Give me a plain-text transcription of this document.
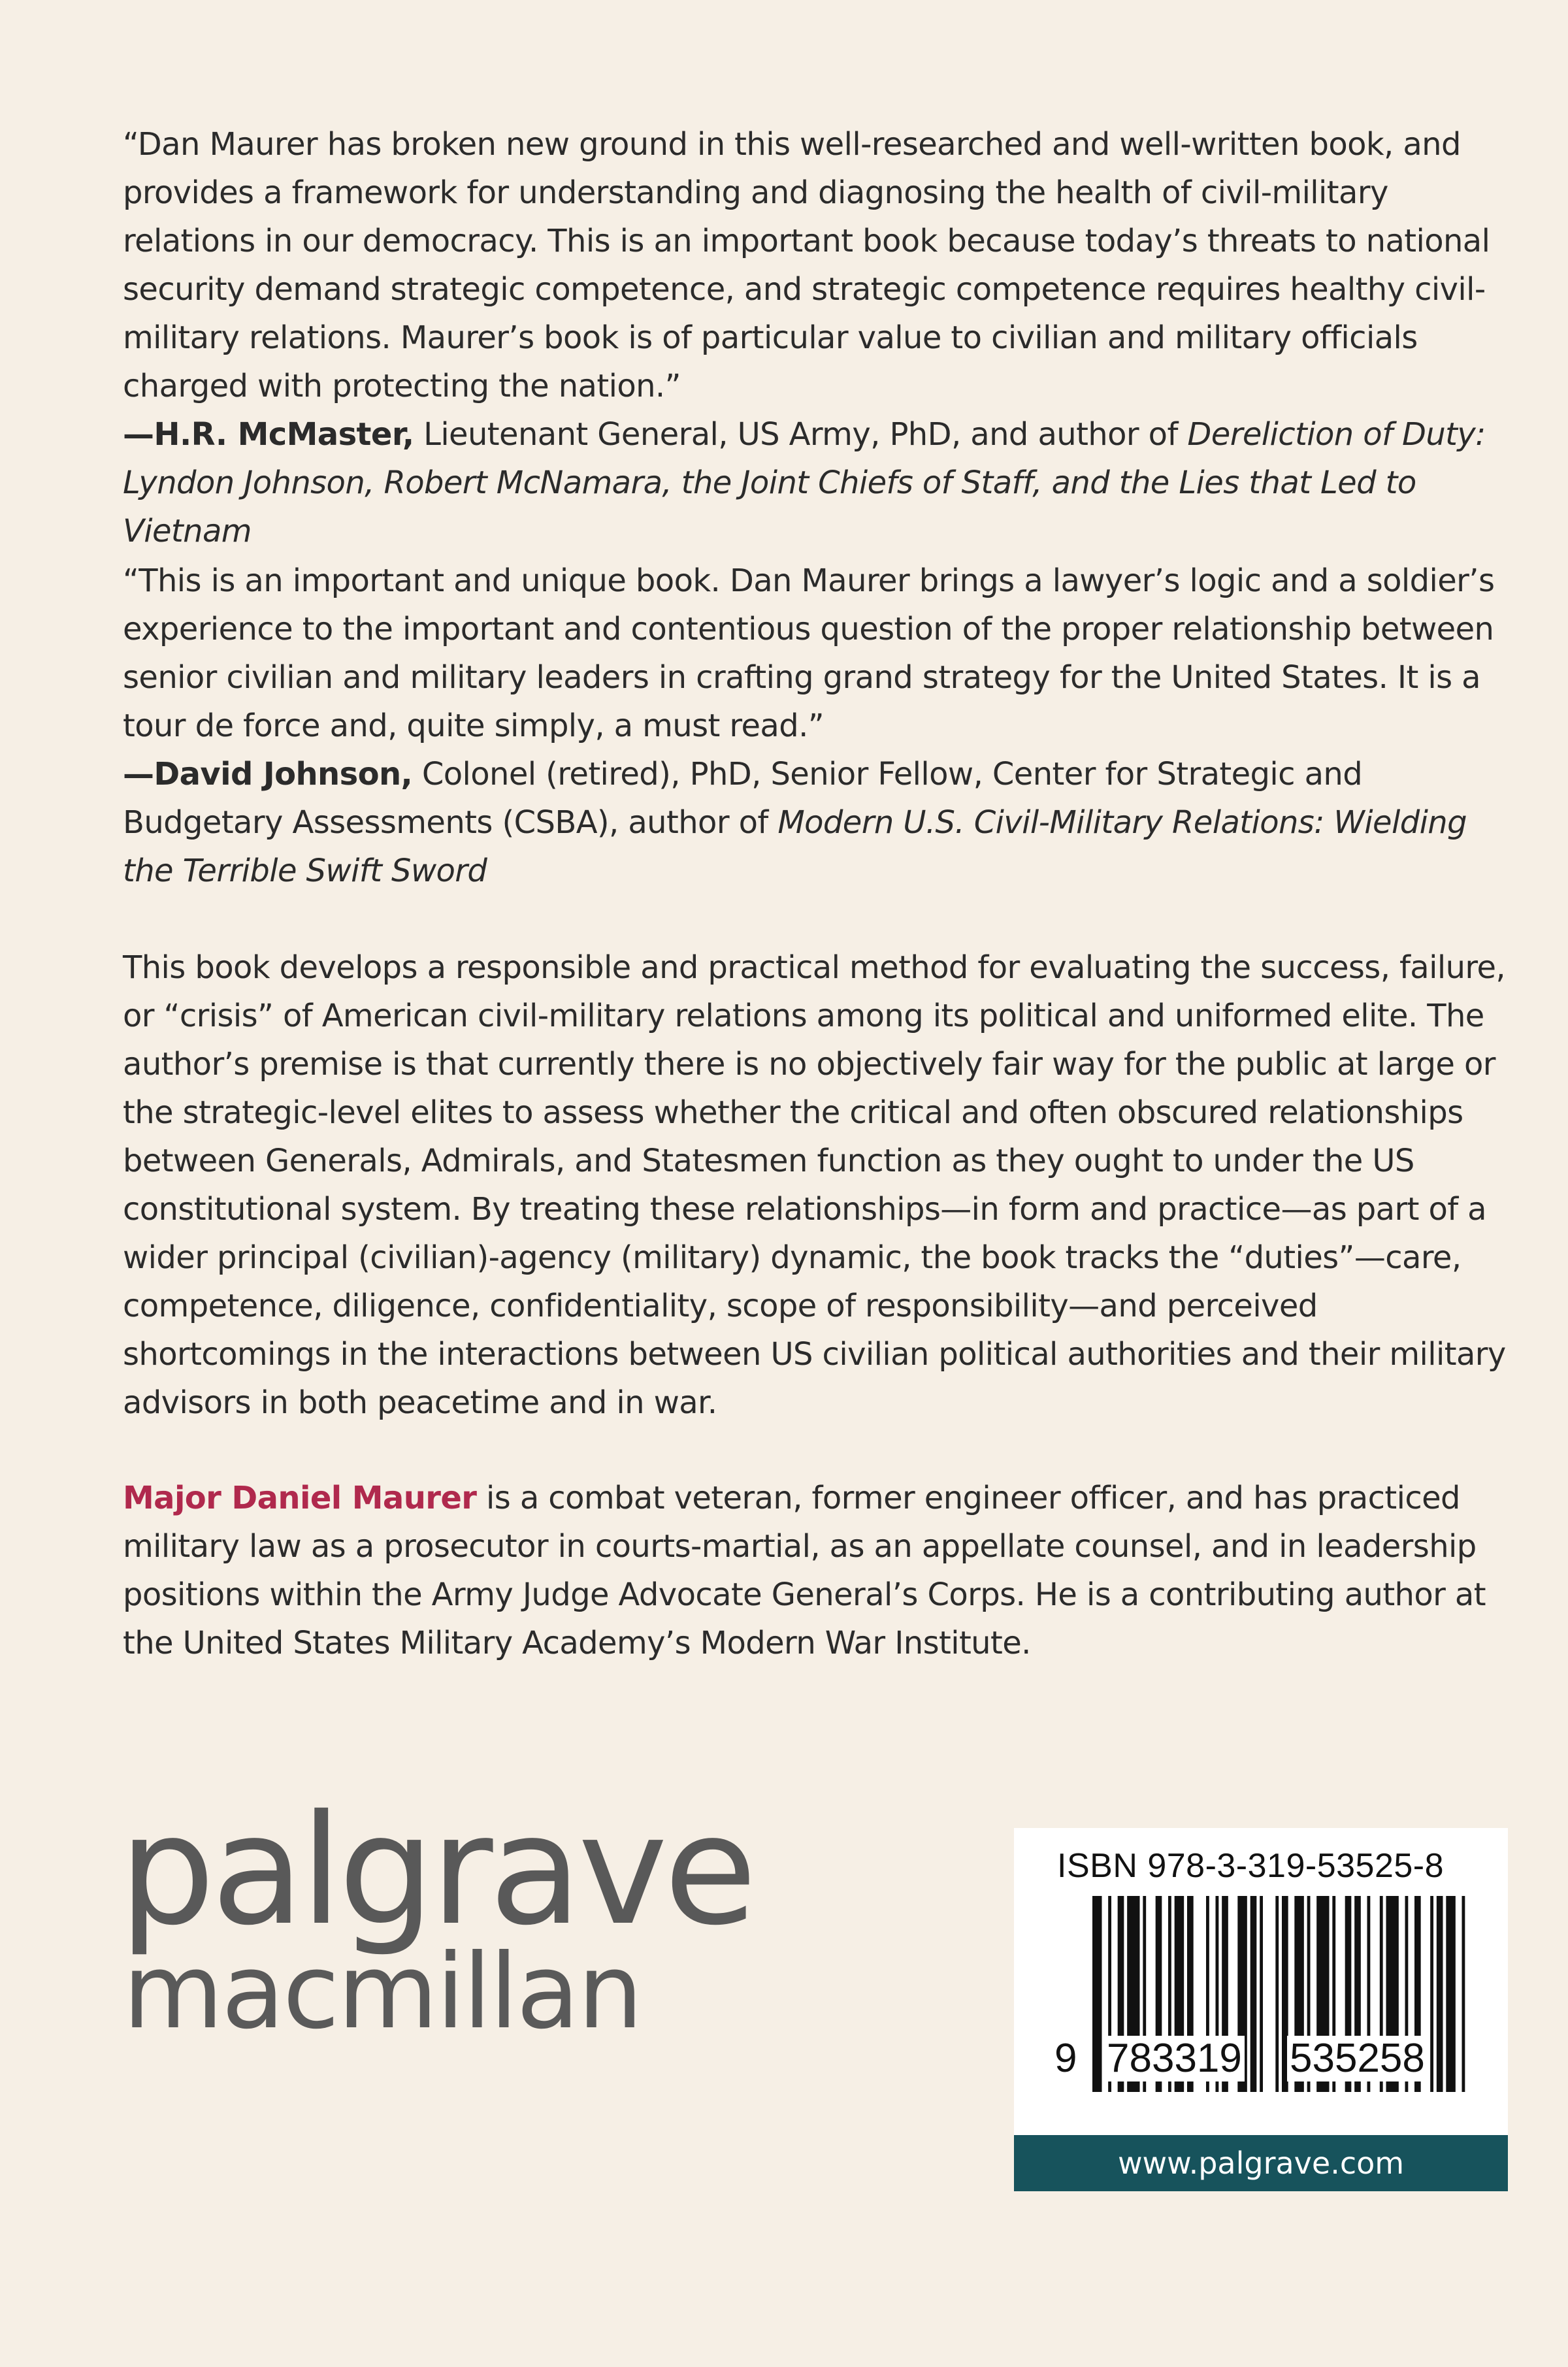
“Dan Maurer has broken new ground in this well-researched and well-written book, and provides a framework for understanding and diagnosing the health of civil-military relations in our democracy. This is an important book because today’s threats to national security demand strategic competence, and strategic competence requires healthy civil-military relations. Maurer’s book is of particular value to civilian and military officials charged with protecting the nation.”

—H.R. McMaster, Lieutenant General, US Army, PhD, and author of Dereliction of Duty: Lyndon Johnson, Robert McNamara, the Joint Chiefs of Staff, and the Lies that Led to Vietnam

“This is an important and unique book. Dan Maurer brings a lawyer’s logic and a soldier’s experience to the important and contentious question of the proper relationship between senior civilian and military leaders in crafting grand strategy for the United States. It is a tour de force and, quite simply, a must read.”

—David Johnson, Colonel (retired), PhD, Senior Fellow, Center for Strategic and Budgetary Assessments (CSBA), author of Modern U.S. Civil-Military Relations: Wielding the Terrible Swift Sword

This book develops a responsible and practical method for evaluating the success, failure, or “crisis” of American civil-military relations among its political and uniformed elite. The author’s premise is that currently there is no objectively fair way for the public at large or the strategic-level elites to assess whether the critical and often obscured relationships between Generals, Admirals, and Statesmen function as they ought to under the US constitutional system. By treating these relationships—in form and practice—as part of a wider principal (civilian)-agency (military) dynamic, the book tracks the “duties”—care, competence, diligence, confidentiality, scope of responsibility—and perceived shortcomings in the interactions between US civilian political authorities and their military advisors in both peacetime and in war.

Major Daniel Maurer is a combat veteran, former engineer officer, and has practiced military law as a prosecutor in courts-martial, as an appellate counsel, and in leadership positions within the Army Judge Advocate General’s Corps. He is a contributing author at the United States Military Academy’s Modern War Institute.

palgrave
macmillan
ISBN 978-3-319-53525-8
9 783319 535258
www.palgrave.com
